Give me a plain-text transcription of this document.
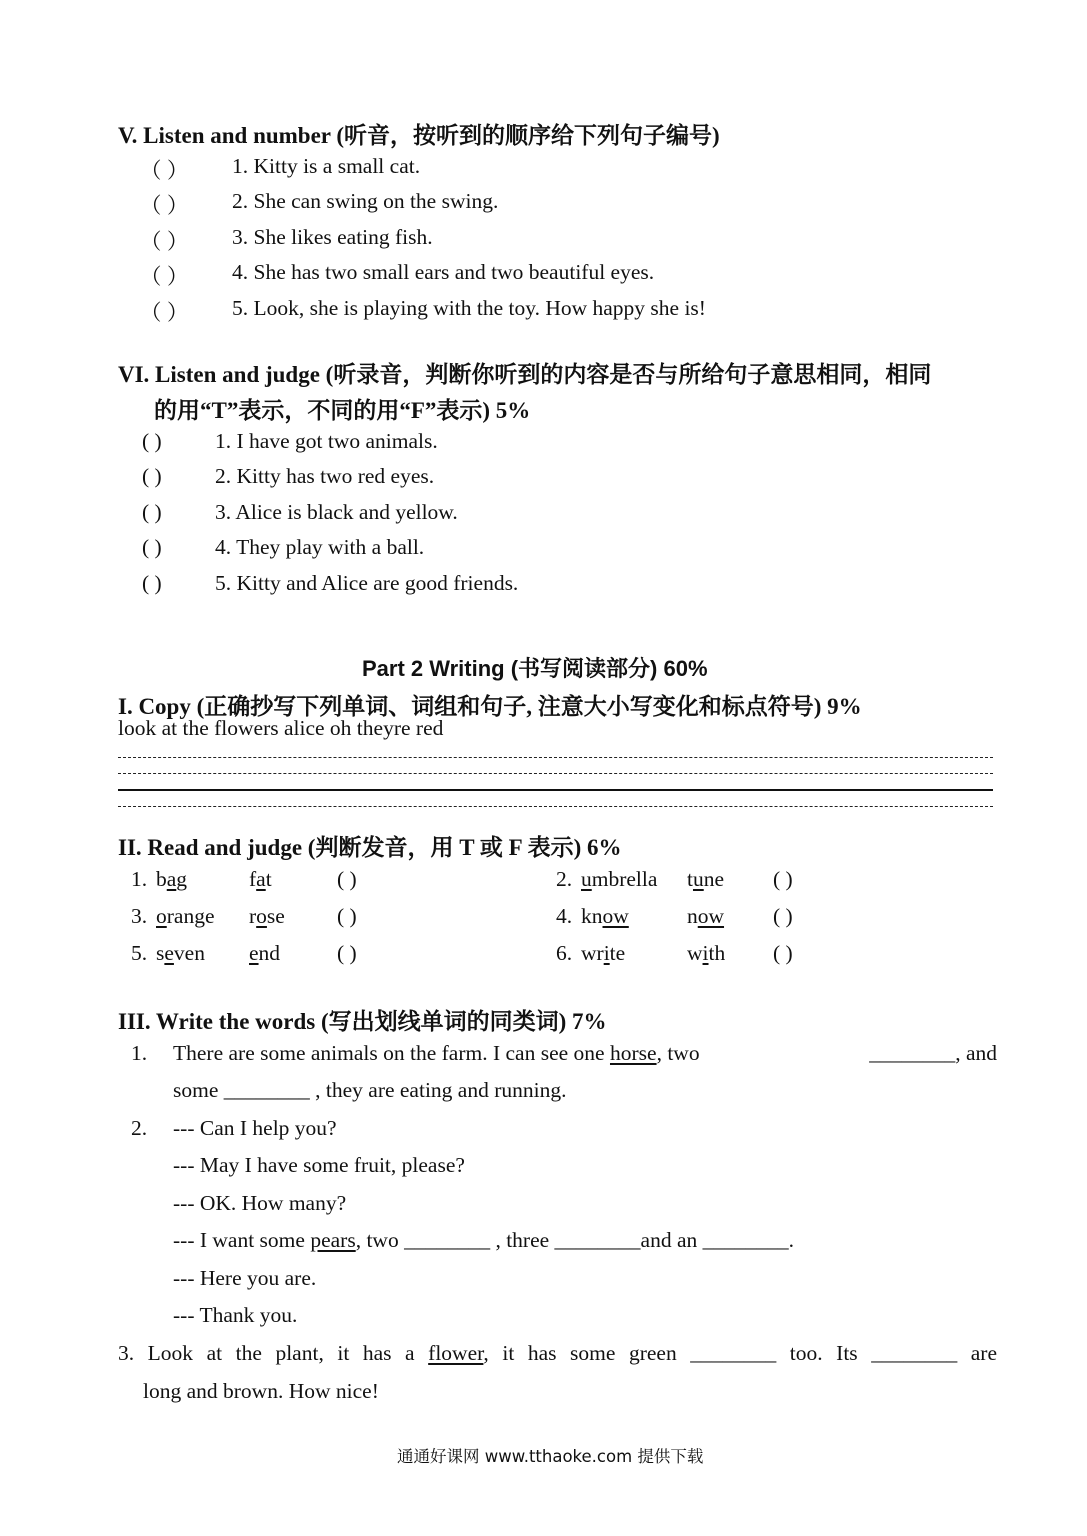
V. Listen and number (听音，按听到的顺序给下列句子编号)
（ ） 1. Kitty is a small cat.
（ ） 2. She can swing on the swing.
（ ） 3. She likes eating fish.
（ ） 4. She has two small ears and two beautiful eyes.
（ ） 5. Look, she is playing with the toy. How happy she is!
VI. Listen and judge (听录音，判断你听到的内容是否与所给句子意思相同，相同
的用“T”表示，不同的用“F”表示) 5%
( ) 1. I have got two animals.
( ) 2. Kitty has two red eyes.
( ) 3. Alice is black and yellow.
( ) 4. They play with a ball.
( ) 5. Kitty and Alice are good friends.
Part 2 Writing (书写阅读部分) 60%
I. Copy (正确抄写下列单词、词组和句子, 注意大小写变化和标点符号) 9%
look at the flowers alice oh theyre red
II. Read and judge (判断发音，用 T 或 F 表示) 6%
1. bag	fat	( )	2. umbrella tune ( )
3. orange rose ( )	4. know	now ( )
5. seven end	( )	6. write	with ( )
III. Write the words (写出划线单词的同类词) 7%
1. There are some animals on the farm. I can see one horse, two	________, and
some ________ , they are eating and running.
2. --- Can I help you?
--- May I have some fruit, please?
--- OK. How many?
--- I want some pears, two ________ , three ________and an ________.
--- Here you are.
--- Thank you.
3. Look at the plant, it has a flower, it has some green ________ too. Its ________ are
long and brown. How nice!
通通好课网 www.tthaoke.com 提供下载
